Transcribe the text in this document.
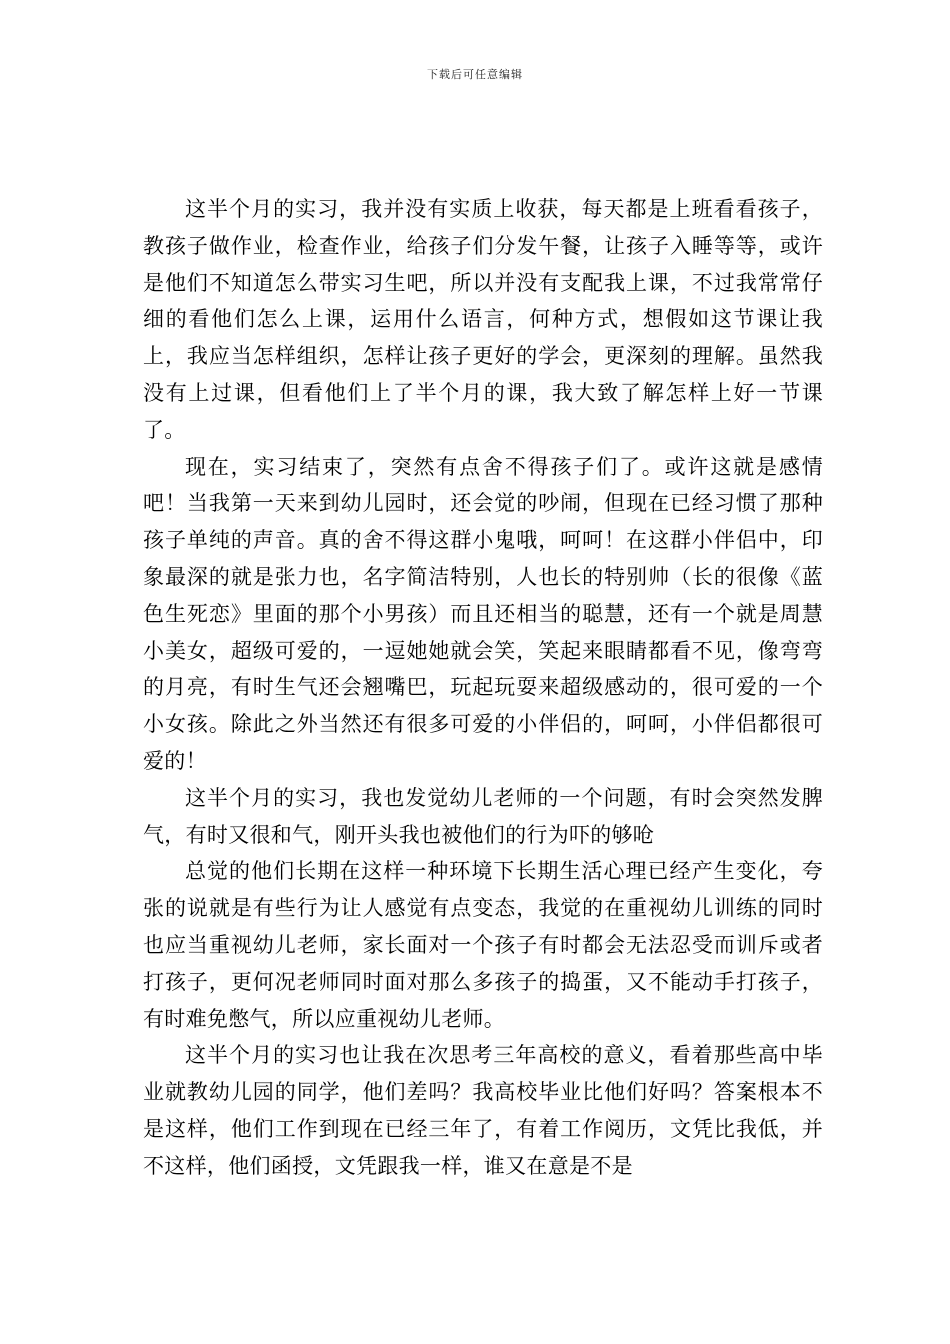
下载后可任意编辑

这半个月的实习，我并没有实质上收获，每天都是上班看看孩子，教孩子做作业，检查作业，给孩子们分发午餐，让孩子入睡等等，或许是他们不知道怎么带实习生吧，所以并没有支配我上课，不过我常常仔细的看他们怎么上课，运用什么语言，何种方式，想假如这节课让我上，我应当怎样组织，怎样让孩子更好的学会，更深刻的理解。虽然我没有上过课，但看他们上了半个月的课，我大致了解怎样上好一节课了。

现在，实习结束了，突然有点舍不得孩子们了。或许这就是感情吧！当我第一天来到幼儿园时，还会觉的吵闹，但现在已经习惯了那种孩子单纯的声音。真的舍不得这群小鬼哦，呵呵！在这群小伴侣中，印象最深的就是张力也，名字简洁特别，人也长的特别帅（长的很像《蓝色生死恋》里面的那个小男孩）而且还相当的聪慧，还有一个就是周慧小美女，超级可爱的，一逗她她就会笑，笑起来眼睛都看不见，像弯弯的月亮，有时生气还会翘嘴巴，玩起玩耍来超级感动的，很可爱的一个小女孩。除此之外当然还有很多可爱的小伴侣的，呵呵，小伴侣都很可爱的！

这半个月的实习，我也发觉幼儿老师的一个问题，有时会突然发脾气，有时又很和气，刚开头我也被他们的行为吓的够呛

总觉的他们长期在这样一种环境下长期生活心理已经产生变化，夸张的说就是有些行为让人感觉有点变态，我觉的在重视幼儿训练的同时也应当重视幼儿老师，家长面对一个孩子有时都会无法忍受而训斥或者打孩子，更何况老师同时面对那么多孩子的捣蛋，又不能动手打孩子，有时难免憋气，所以应重视幼儿老师。

这半个月的实习也让我在次思考三年高校的意义，看着那些高中毕业就教幼儿园的同学，他们差吗？我高校毕业比他们好吗？答案根本不是这样，他们工作到现在已经三年了，有着工作阅历，文凭比我低，并不这样，他们函授，文凭跟我一样，谁又在意是不是
